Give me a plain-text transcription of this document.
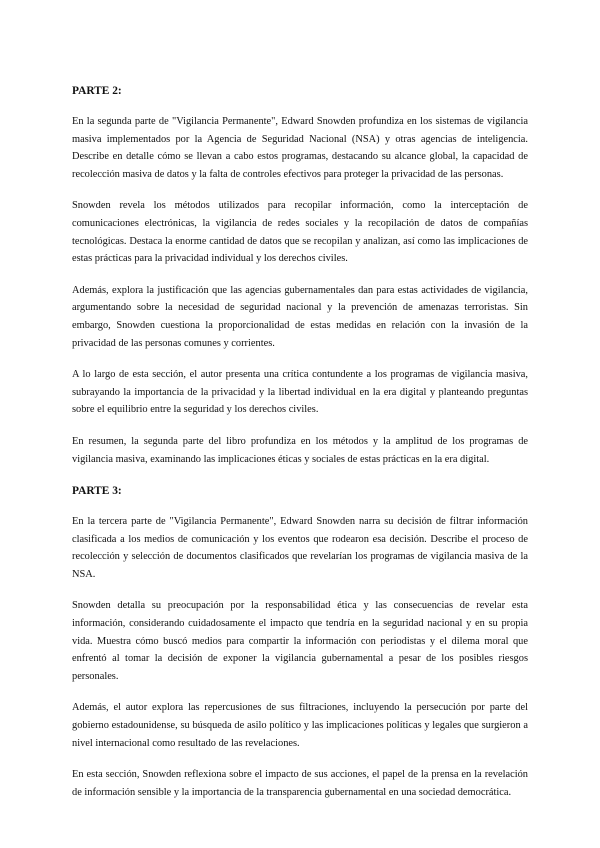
PARTE 2:

En la segunda parte de "Vigilancia Permanente", Edward Snowden profundiza en los sistemas de vigilancia masiva implementados por la Agencia de Seguridad Nacional (NSA) y otras agencias de inteligencia. Describe en detalle cómo se llevan a cabo estos programas, destacando su alcance global, la capacidad de recolección masiva de datos y la falta de controles efectivos para proteger la privacidad de las personas.

Snowden revela los métodos utilizados para recopilar información, como la interceptación de comunicaciones electrónicas, la vigilancia de redes sociales y la recopilación de datos de compañías tecnológicas. Destaca la enorme cantidad de datos que se recopilan y analizan, así como las implicaciones de estas prácticas para la privacidad individual y los derechos civiles.

Además, explora la justificación que las agencias gubernamentales dan para estas actividades de vigilancia, argumentando sobre la necesidad de seguridad nacional y la prevención de amenazas terroristas. Sin embargo, Snowden cuestiona la proporcionalidad de estas medidas en relación con la invasión de la privacidad de las personas comunes y corrientes.

A lo largo de esta sección, el autor presenta una crítica contundente a los programas de vigilancia masiva, subrayando la importancia de la privacidad y la libertad individual en la era digital y planteando preguntas sobre el equilibrio entre la seguridad y los derechos civiles.

En resumen, la segunda parte del libro profundiza en los métodos y la amplitud de los programas de vigilancia masiva, examinando las implicaciones éticas y sociales de estas prácticas en la era digital.

PARTE 3:

En la tercera parte de "Vigilancia Permanente", Edward Snowden narra su decisión de filtrar información clasificada a los medios de comunicación y los eventos que rodearon esa decisión. Describe el proceso de recolección y selección de documentos clasificados que revelarían los programas de vigilancia masiva de la NSA.

Snowden detalla su preocupación por la responsabilidad ética y las consecuencias de revelar esta información, considerando cuidadosamente el impacto que tendría en la seguridad nacional y en su propia vida. Muestra cómo buscó medios para compartir la información con periodistas y el dilema moral que enfrentó al tomar la decisión de exponer la vigilancia gubernamental a pesar de los posibles riesgos personales.

Además, el autor explora las repercusiones de sus filtraciones, incluyendo la persecución por parte del gobierno estadounidense, su búsqueda de asilo político y las implicaciones políticas y legales que surgieron a nivel internacional como resultado de las revelaciones.

En esta sección, Snowden reflexiona sobre el impacto de sus acciones, el papel de la prensa en la revelación de información sensible y la importancia de la transparencia gubernamental en una sociedad democrática.
